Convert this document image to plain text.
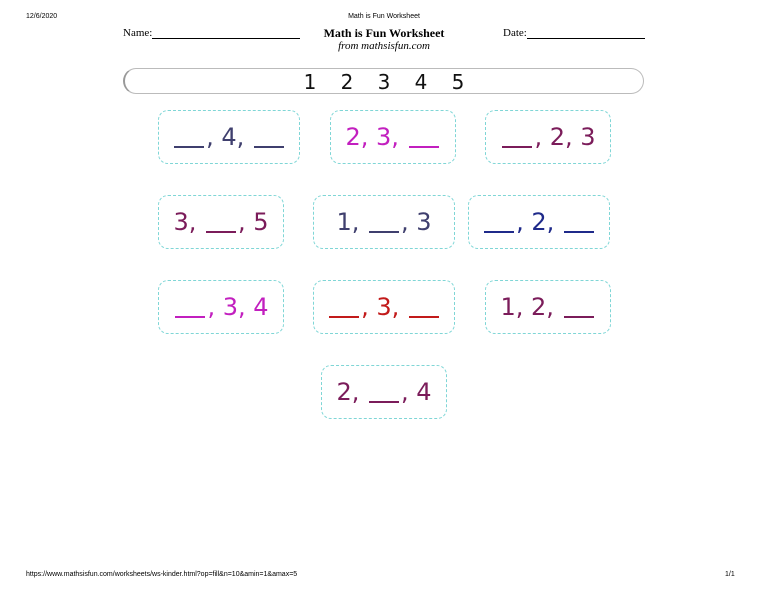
12/6/2020	Math is Fun Worksheet
Name:	Math is Fun Worksheet
from mathsisfun.com
Date:
1 2 3 4 5
, 4 ,	2 , 3 ,	, 2 , 3
3 , , 5	1 , , 3	, 2 ,
, 3 , 4	, 3 ,	1 , 2 ,
2 , , 4
https://www.mathsisfun.com/worksheets/ws-kinder.html?op=fill&n=10&amin=1&amax=5	1/1
